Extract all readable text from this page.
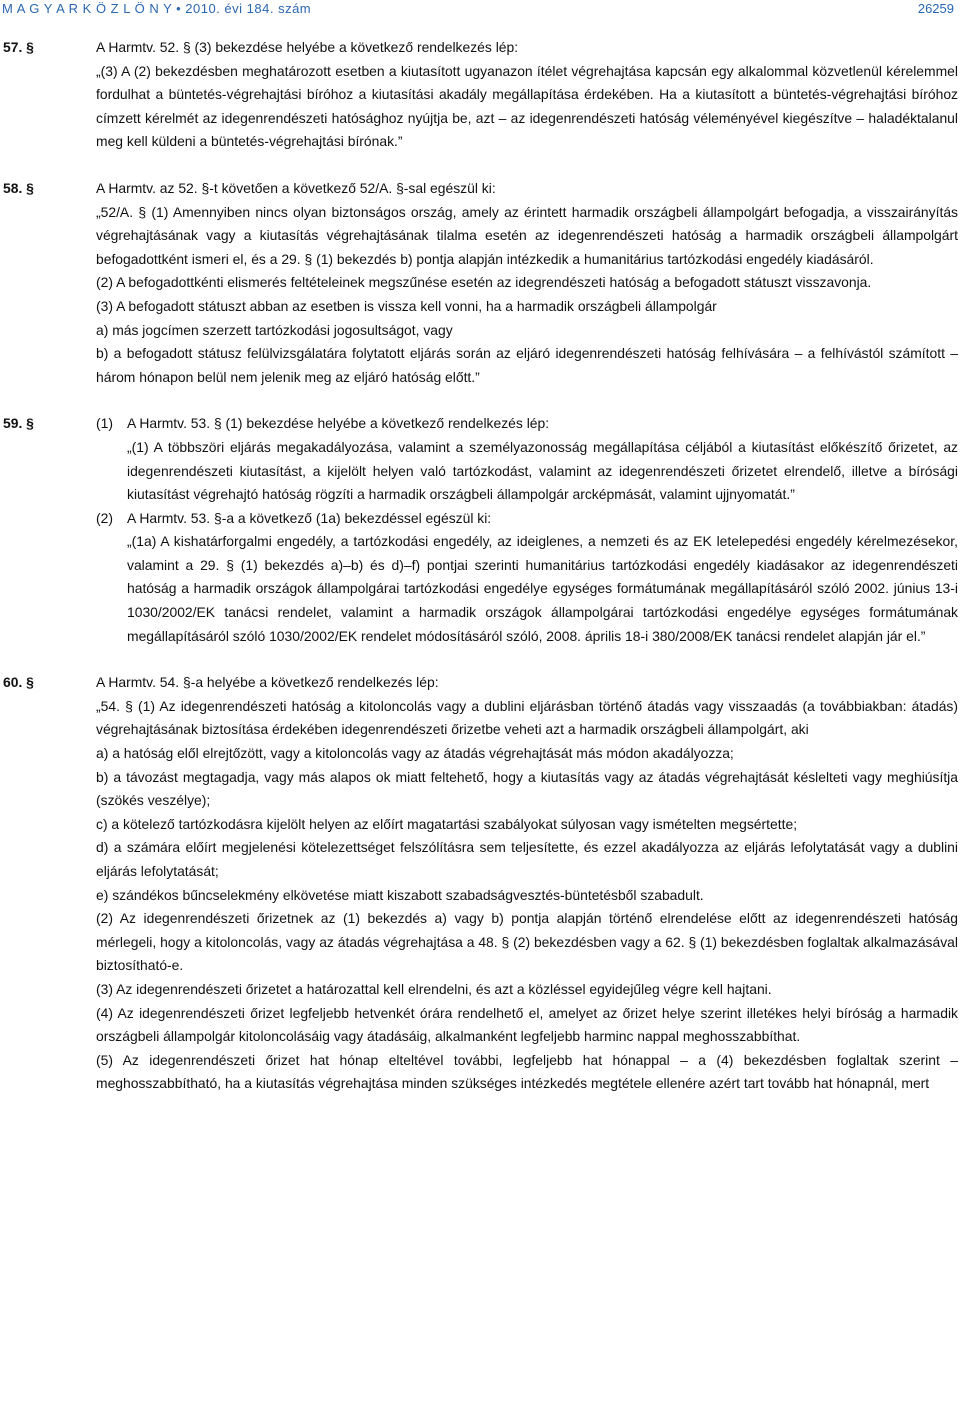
M A G Y A R K Ö Z L Ö N Y • 2010. évi 184. szám	26259
57. §	A Harmtv. 52. § (3) bekezdése helyébe a következő rendelkezés lép:

„(3) A (2) bekezdésben meghatározott esetben a kiutasított ugyanazon ítélet végrehajtása kapcsán egy alkalommal közvetlenül kérelemmel fordulhat a büntetés-végrehajtási bíróhoz a kiutasítási akadály megállapítása érdekében. Ha a kiutasított a büntetés-végrehajtási bíróhoz címzett kérelmét az idegenrendészeti hatósághoz nyújtja be, azt – az idegenrendészeti hatóság véleményével kiegészítve – haladéktalanul meg kell küldeni a büntetés-végrehajtási bírónak.”

58. §	A Harmtv. az 52. §-t követően a következő 52/A. §-sal egészül ki:

„52/A. § (1) Amennyiben nincs olyan biztonságos ország, amely az érintett harmadik országbeli állampolgárt befogadja, a visszairányítás végrehajtásának vagy a kiutasítás végrehajtásának tilalma esetén az idegenrendészeti hatóság a harmadik országbeli állampolgárt befogadottként ismeri el, és a 29. § (1) bekezdés b) pontja alapján intézkedik a humanitárius tartózkodási engedély kiadásáról.

(2) A befogadottkénti elismerés feltételeinek megszűnése esetén az idegrendészeti hatóság a befogadott státuszt visszavonja.

(3) A befogadott státuszt abban az esetben is vissza kell vonni, ha a harmadik országbeli állampolgár

a) más jogcímen szerzett tartózkodási jogosultságot, vagy

b) a befogadott státusz felülvizsgálatára folytatott eljárás során az eljáró idegenrendészeti hatóság felhívására – a felhívástól számított – három hónapon belül nem jelenik meg az eljáró hatóság előtt.”

59. §	(1)	A Harmtv. 53. § (1) bekezdése helyébe a következő rendelkezés lép:

„(1) A többszöri eljárás megakadályozása, valamint a személyazonosság megállapítása céljából a kiutasítást előkészítő őrizetet, az idegenrendészeti kiutasítást, a kijelölt helyen való tartózkodást, valamint az idegenrendészeti őrizetet elrendelő, illetve a bírósági kiutasítást végrehajtó hatóság rögzíti a harmadik országbeli állampolgár arcképmását, valamint ujjnyomatát.”

(2)	A Harmtv. 53. §-a a következő (1a) bekezdéssel egészül ki:

„(1a) A kishatárforgalmi engedély, a tartózkodási engedély, az ideiglenes, a nemzeti és az EK letelepedési engedély kérelmezésekor, valamint a 29. § (1) bekezdés a)–b) és d)–f) pontjai szerinti humanitárius tartózkodási engedély kiadásakor az idegenrendészeti hatóság a harmadik országok állampolgárai tartózkodási engedélye egységes formátumának megállapításáról szóló 2002. június 13-i 1030/2002/EK tanácsi rendelet, valamint a harmadik országok állampolgárai tartózkodási engedélye egységes formátumának megállapításáról szóló 1030/2002/EK rendelet módosításáról szóló, 2008. április 18-i 380/2008/EK tanácsi rendelet alapján jár el.”

60. §	A Harmtv. 54. §-a helyébe a következő rendelkezés lép:

„54. § (1) Az idegenrendészeti hatóság a kitoloncolás vagy a dublini eljárásban történő átadás vagy visszaadás (a továbbiakban: átadás) végrehajtásának biztosítása érdekében idegenrendészeti őrizetbe veheti azt a harmadik országbeli állampolgárt, aki

a) a hatóság elől elrejtőzött, vagy a kitoloncolás vagy az átadás végrehajtását más módon akadályozza;

b) a távozást megtagadja, vagy más alapos ok miatt feltehető, hogy a kiutasítás vagy az átadás végrehajtását késlelteti vagy meghiúsítja (szökés veszélye);

c) a kötelező tartózkodásra kijelölt helyen az előírt magatartási szabályokat súlyosan vagy ismételten megsértette;

d) a számára előírt megjelenési kötelezettséget felszólításra sem teljesítette, és ezzel akadályozza az eljárás lefolytatását vagy a dublini eljárás lefolytatását;

e) szándékos bűncselekmény elkövetése miatt kiszabott szabadságvesztés-büntetésből szabadult.

(2) Az idegenrendészeti őrizetnek az (1) bekezdés a) vagy b) pontja alapján történő elrendelése előtt az idegenrendészeti hatóság mérlegeli, hogy a kitoloncolás, vagy az átadás végrehajtása a 48. § (2) bekezdésben vagy a 62. § (1) bekezdésben foglaltak alkalmazásával biztosítható-e.

(3) Az idegenrendészeti őrizetet a határozattal kell elrendelni, és azt a közléssel egyidejűleg végre kell hajtani.

(4) Az idegenrendészeti őrizet legfeljebb hetvenkét órára rendelhető el, amelyet az őrizet helye szerint illetékes helyi bíróság a harmadik országbeli állampolgár kitoloncolásáig vagy átadásáig, alkalmanként legfeljebb harminc nappal meghosszabbíthat.

(5) Az idegenrendészeti őrizet hat hónap elteltével további, legfeljebb hat hónappal – a (4) bekezdésben foglaltak szerint – meghosszabbítható, ha a kiutasítás végrehajtása minden szükséges intézkedés megtétele ellenére azért tart tovább hat hónapnál, mert
